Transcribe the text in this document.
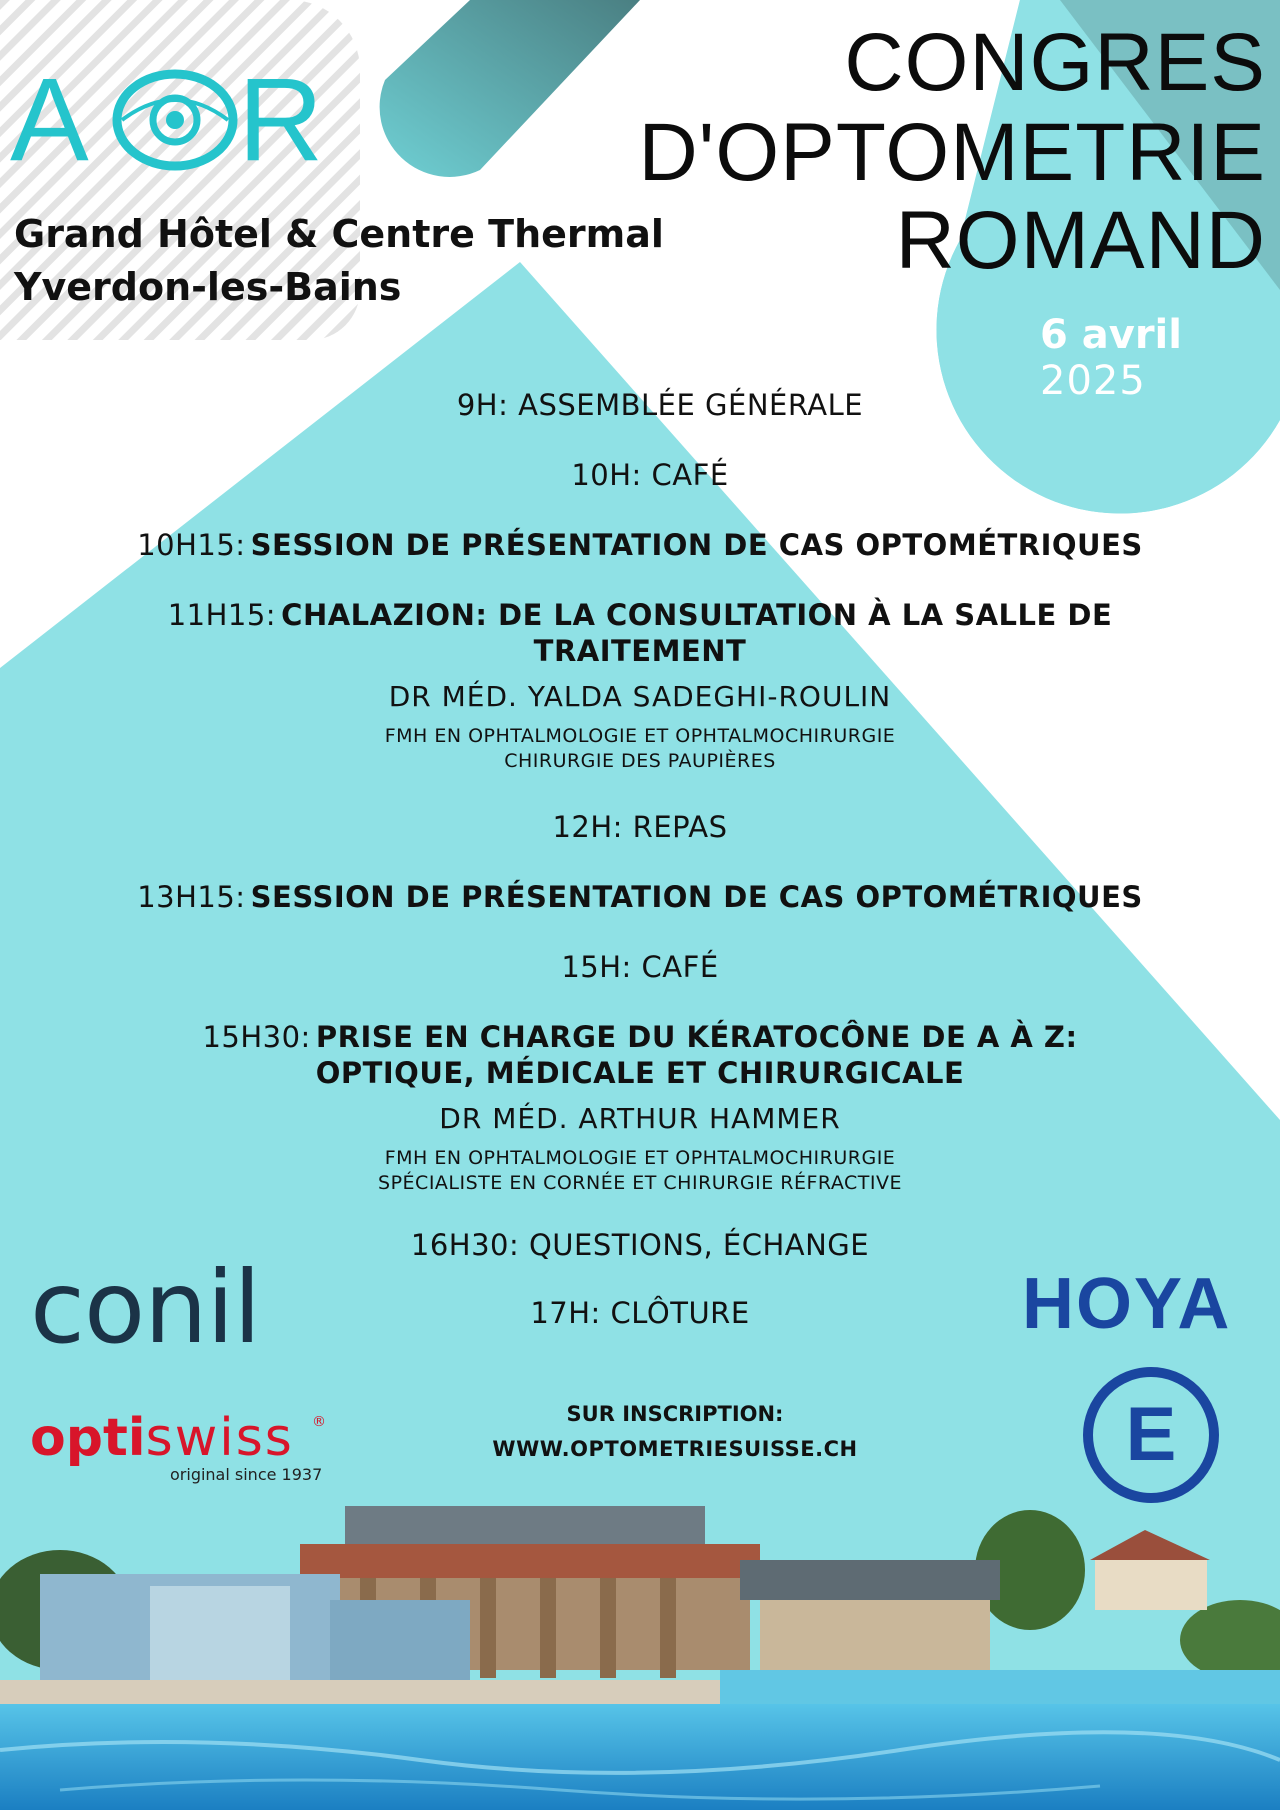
A R	CONGRES
D'OPTOMETRIE
ROMAND
Grand Hôtel & Centre Thermal
Yverdon-les-Bains
6 avril
2025
9H: ASSEMBLÉE GÉNÉRALE
10H: CAFÉ
10H15: SESSION DE PRÉSENTATION DE CAS OPTOMÉTRIQUES
11H15: CHALAZION: DE LA CONSULTATION À LA SALLE DE
TRAITEMENT
DR MÉD. YALDA SADEGHI-ROULIN
FMH EN OPHTALMOLOGIE ET OPHTALMOCHIRURGIE
CHIRURGIE DES PAUPIÈRES
12H: REPAS
13H15: SESSION DE PRÉSENTATION DE CAS OPTOMÉTRIQUES
15H: CAFÉ
15H30: PRISE EN CHARGE DU KÉRATOCÔNE DE A À Z:
OPTIQUE, MÉDICALE ET CHIRURGICALE
DR MÉD. ARTHUR HAMMER
FMH EN OPHTALMOLOGIE ET OPHTALMOCHIRURGIE
SPÉCIALISTE EN CORNÉE ET CHIRURGIE RÉFRACTIVE
16H30: QUESTIONS, ÉCHANGE
17H: CLÔTURE
SUR INSCRIPTION:
WWW.OPTOMETRIESUISSE.CH
conil
optiswiss ®
original since 1937
HOYA
E
